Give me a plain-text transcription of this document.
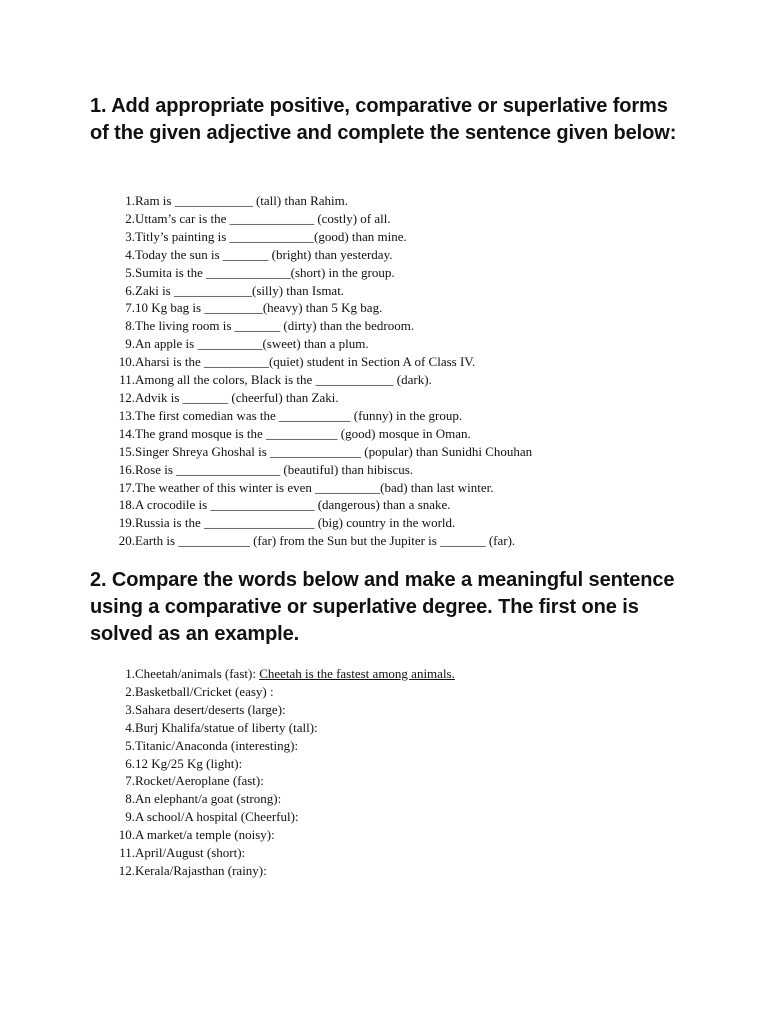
1. Add appropriate positive, comparative or superlative forms of the given adjective and complete the sentence given below:
1. Ram is ____________ (tall) than Rahim.
2. Uttam’s car is the _____________ (costly) of all.
3. Titly’s painting is _____________(good) than mine.
4. Today the sun is _______ (bright) than yesterday.
5. Sumita is the _____________(short) in the group.
6. Zaki is ____________(silly) than Ismat.
7. 10 Kg bag is _________(heavy) than 5 Kg bag.
8. The living room is _______ (dirty) than the bedroom.
9. An apple is __________(sweet) than a plum.
10. Aharsi is the __________(quiet) student in Section A of Class IV.
11. Among all the colors, Black is the ____________ (dark).
12. Advik is _______ (cheerful) than Zaki.
13. The first comedian was the ___________ (funny) in the group.
14. The grand mosque is the ___________ (good) mosque in Oman.
15. Singer Shreya Ghoshal is ______________ (popular) than Sunidhi Chouhan
16. Rose is ________________ (beautiful) than hibiscus.
17. The weather of this winter is even __________(bad) than last winter.
18. A crocodile is ________________ (dangerous) than a snake.
19. Russia is the _________________ (big) country in the world.
20. Earth is ___________ (far) from the Sun but the Jupiter is _______ (far).
2. Compare the words below and make a meaningful sentence using a comparative or superlative degree. The first one is solved as an example.
1. Cheetah/animals (fast): Cheetah is the fastest among animals.
2. Basketball/Cricket (easy) :
3. Sahara desert/deserts (large):
4. Burj Khalifa/statue of liberty (tall):
5. Titanic/Anaconda (interesting):
6. 12 Kg/25 Kg (light):
7. Rocket/Aeroplane (fast):
8. An elephant/a goat (strong):
9. A school/A hospital (Cheerful):
10. A market/a temple (noisy):
11. April/August (short):
12. Kerala/Rajasthan (rainy):
